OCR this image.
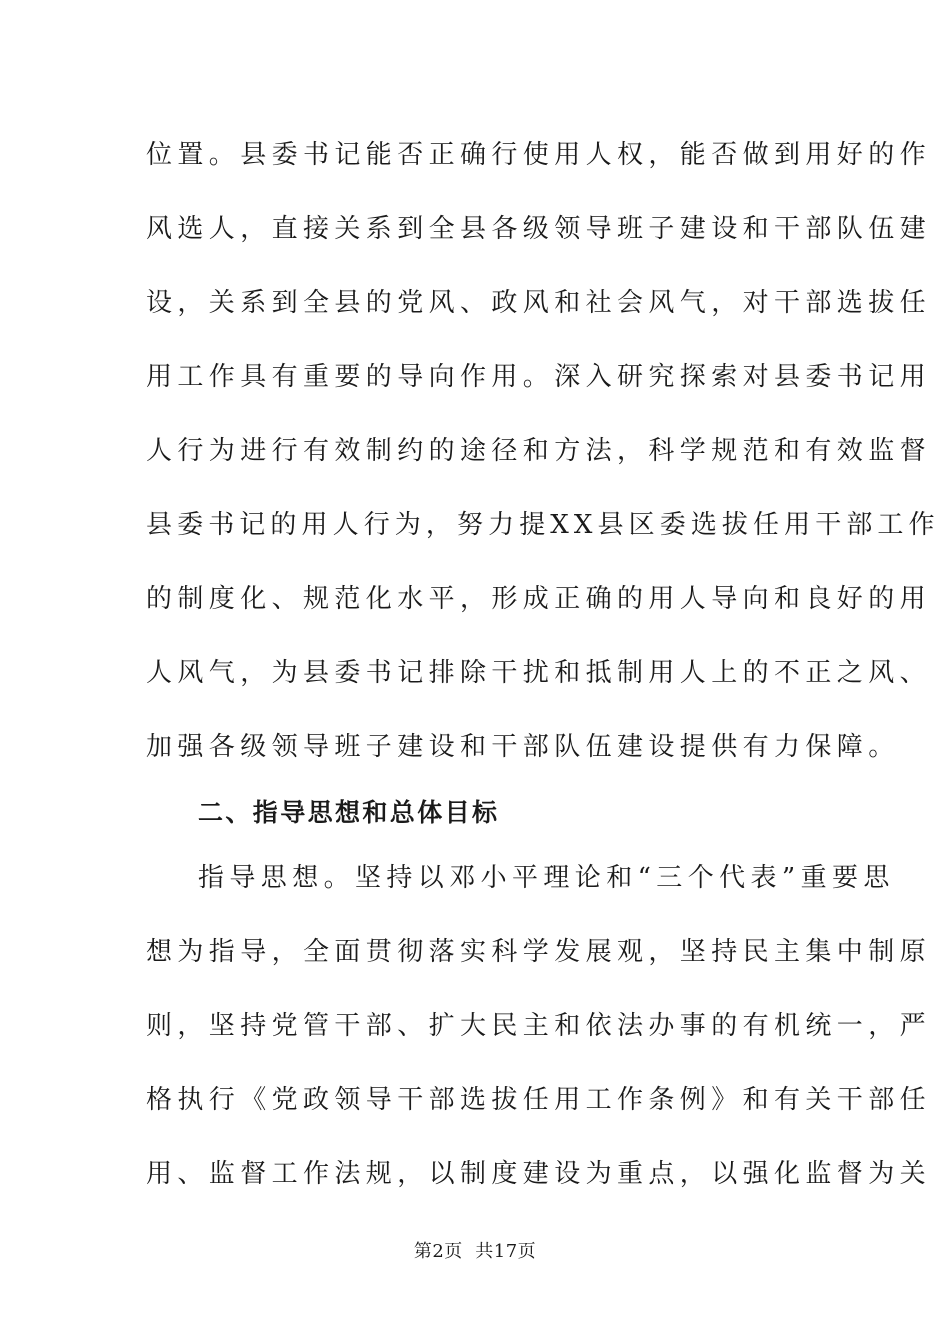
位置。县委书记能否正确行使用人权，能否做到用好的作
风选人，直接关系到全县各级领导班子建设和干部队伍建
设，关系到全县的党风、政风和社会风气，对干部选拔任
用工作具有重要的导向作用。深入研究探索对县委书记用
人行为进行有效制约的途径和方法，科学规范和有效监督
县委书记的用人行为，努力提XX县区委选拔任用干部工作
的制度化、规范化水平，形成正确的用人导向和良好的用
人风气，为县委书记排除干扰和抵制用人上的不正之风、
加强各级领导班子建设和干部队伍建设提供有力保障。
二、指导思想和总体目标
指导思想。坚持以邓小平理论和“三个代表”重要思
想为指导，全面贯彻落实科学发展观，坚持民主集中制原
则，坚持党管干部、扩大民主和依法办事的有机统一，严
格执行《党政领导干部选拔任用工作条例》和有关干部任
用、监督工作法规，以制度建设为重点，以强化监督为关
第2页  共17页
